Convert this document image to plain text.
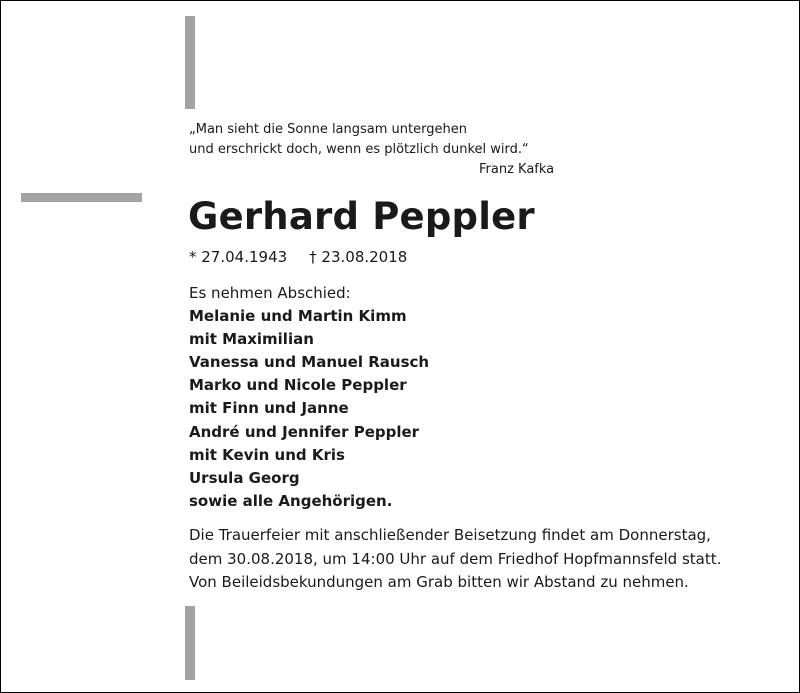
„Man sieht die Sonne langsam untergehen
und erschrickt doch, wenn es plötzlich dunkel wird.“
Franz Kafka
Gerhard Peppler
* 27.04.1943 † 23.08.2018
Es nehmen Abschied:
Melanie und Martin Kimm
mit Maximilian
Vanessa und Manuel Rausch
Marko und Nicole Peppler
mit Finn und Janne
André und Jennifer Peppler
mit Kevin und Kris
Ursula Georg
sowie alle Angehörigen.
Die Trauerfeier mit anschließender Beisetzung findet am Donnerstag,
dem 30.08.2018, um 14:00 Uhr auf dem Friedhof Hopfmannsfeld statt.
Von Beileidsbekundungen am Grab bitten wir Abstand zu nehmen.
